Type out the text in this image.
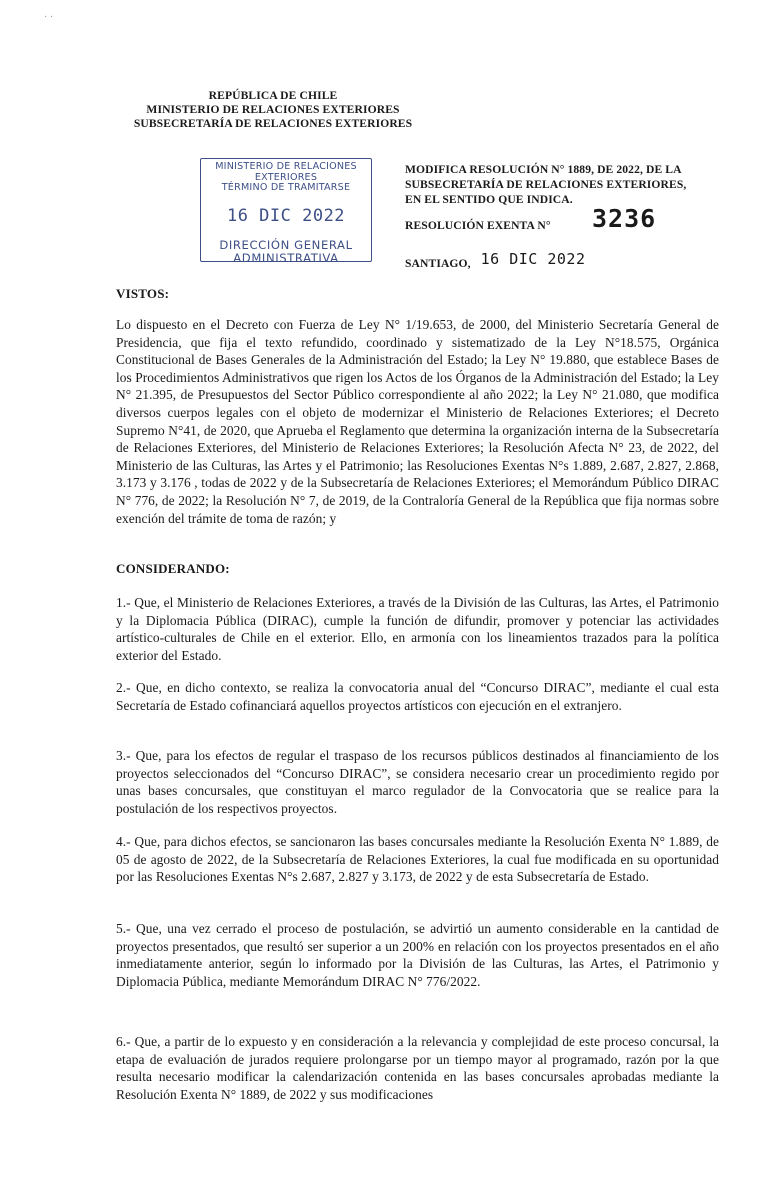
· ·
REPÚBLICA DE CHILE
MINISTERIO DE RELACIONES EXTERIORES
SUBSECRETARÍA DE RELACIONES EXTERIORES
MINISTERIO DE RELACIONES
EXTERIORES
TÉRMINO DE TRAMITARSE
16 DIC 2022
DIRECCIÓN GENERAL
ADMINISTRATIVA
MODIFICA RESOLUCIÓN N° 1889, DE 2022, DE LA
SUBSECRETARÍA DE RELACIONES EXTERIORES,
EN EL SENTIDO QUE INDICA.
RESOLUCIÓN EXENTA N° 3236
SANTIAGO, 16 DIC 2022
VISTOS:

Lo dispuesto en el Decreto con Fuerza de Ley N° 1/19.653, de 2000, del Ministerio Secretaría General de Presidencia, que fija el texto refundido, coordinado y sistematizado de la Ley N°18.575, Orgánica Constitucional de Bases Generales de la Administración del Estado; la Ley N° 19.880, que establece Bases de los Procedimientos Administrativos que rigen los Actos de los Órganos de la Administración del Estado; la Ley N° 21.395, de Presupuestos del Sector Público correspondiente al año 2022; la Ley N° 21.080, que modifica diversos cuerpos legales con el objeto de modernizar el Ministerio de Relaciones Exteriores; el Decreto Supremo N°41, de 2020, que Aprueba el Reglamento que determina la organización interna de la Subsecretaría de Relaciones Exteriores, del Ministerio de Relaciones Exteriores; la Resolución Afecta N° 23, de 2022, del Ministerio de las Culturas, las Artes y el Patrimonio; las Resoluciones Exentas N°s 1.889, 2.687, 2.827, 2.868, 3.173 y 3.176 , todas de 2022 y de la Subsecretaría de Relaciones Exteriores; el Memorándum Público DIRAC N° 776, de 2022; la Resolución N° 7, de 2019, de la Contraloría General de la República que fija normas sobre exención del trámite de toma de razón; y

CONSIDERANDO:

1.- Que, el Ministerio de Relaciones Exteriores, a través de la División de las Culturas, las Artes, el Patrimonio y la Diplomacia Pública (DIRAC), cumple la función de difundir, promover y potenciar las actividades artístico-culturales de Chile en el exterior. Ello, en armonía con los lineamientos trazados para la política exterior del Estado.

2.- Que, en dicho contexto, se realiza la convocatoria anual del “Concurso DIRAC”, mediante el cual esta Secretaría de Estado cofinanciará aquellos proyectos artísticos con ejecución en el extranjero.

3.- Que, para los efectos de regular el traspaso de los recursos públicos destinados al financiamiento de los proyectos seleccionados del “Concurso DIRAC”, se considera necesario crear un procedimiento regido por unas bases concursales, que constituyan el marco regulador de la Convocatoria que se realice para la postulación de los respectivos proyectos.

4.- Que, para dichos efectos, se sancionaron las bases concursales mediante la Resolución Exenta N° 1.889, de 05 de agosto de 2022, de la Subsecretaría de Relaciones Exteriores, la cual fue modificada en su oportunidad por las Resoluciones Exentas N°s 2.687, 2.827 y 3.173, de 2022 y de esta Subsecretaría de Estado.

5.- Que, una vez cerrado el proceso de postulación, se advirtió un aumento considerable en la cantidad de proyectos presentados, que resultó ser superior a un 200% en relación con los proyectos presentados en el año inmediatamente anterior, según lo informado por la División de las Culturas, las Artes, el Patrimonio y Diplomacia Pública, mediante Memorándum DIRAC N° 776/2022.

6.- Que, a partir de lo expuesto y en consideración a la relevancia y complejidad de este proceso concursal, la etapa de evaluación de jurados requiere prolongarse por un tiempo mayor al programado, razón por la que resulta necesario modificar la calendarización contenida en las bases concursales aprobadas mediante la Resolución Exenta N° 1889, de 2022 y sus modificaciones
